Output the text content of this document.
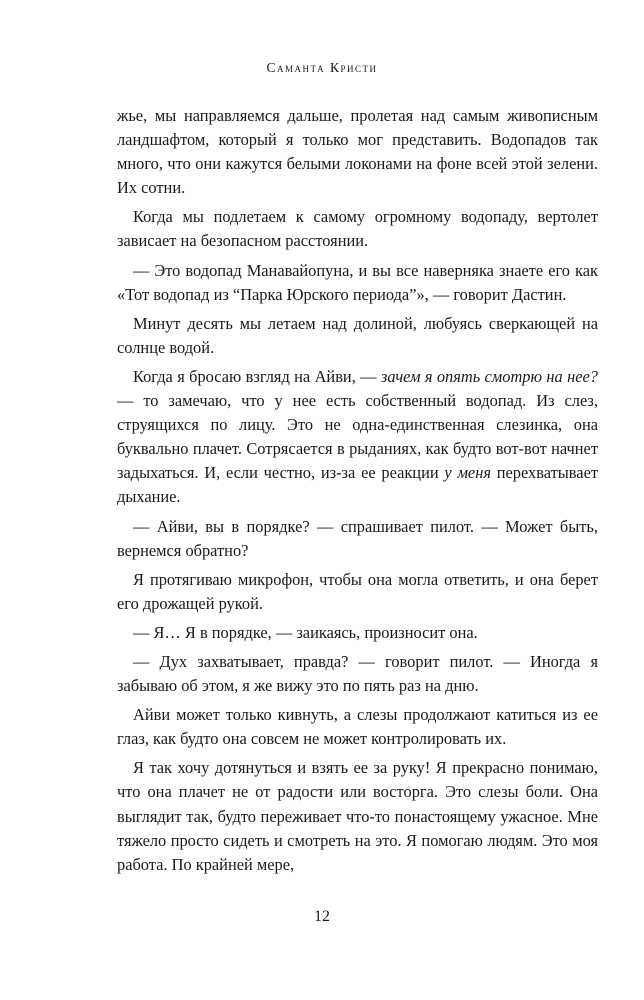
Саманта Кристи

жье, мы направляемся дальше, пролетая над самым живописным ландшафтом, который я только мог представить. Водопадов так много, что они кажутся белыми локонами на фоне всей этой зелени. Их сотни.

Когда мы подлетаем к самому огромному водопаду, вертолет зависает на безопасном расстоянии.

— Это водопад Манавайопуна, и вы все наверняка знаете его как «Тот водопад из “Парка Юрского периода”», — говорит Дастин.

Минут десять мы летаем над долиной, любуясь сверкающей на солнце водой.

Когда я бросаю взгляд на Айви, — зачем я опять смотрю на нее? — то замечаю, что у нее есть собственный водопад. Из слез, струящихся по лицу. Это не одна-единственная слезинка, она буквально плачет. Сотрясается в рыданиях, как будто вот-вот начнет задыхаться. И, если честно, из-за ее реакции у меня перехватывает дыхание.

— Айви, вы в порядке? — спрашивает пилот. — Может быть, вернемся обратно?

Я протягиваю микрофон, чтобы она могла ответить, и она берет его дрожащей рукой.

— Я… Я в порядке, — заикаясь, произносит она.

— Дух захватывает, правда? — говорит пилот. — Иногда я забываю об этом, я же вижу это по пять раз на дню.

Айви может только кивнуть, а слезы продолжают катиться из ее глаз, как будто она совсем не может контролировать их.

Я так хочу дотянуться и взять ее за руку! Я прекрасно понимаю, что она плачет не от радости или восторга. Это слезы боли. Она выглядит так, будто переживает что-то понастоящему ужасное. Мне тяжело просто сидеть и смотреть на это. Я помогаю людям. Это моя работа. По крайней мере,

12
